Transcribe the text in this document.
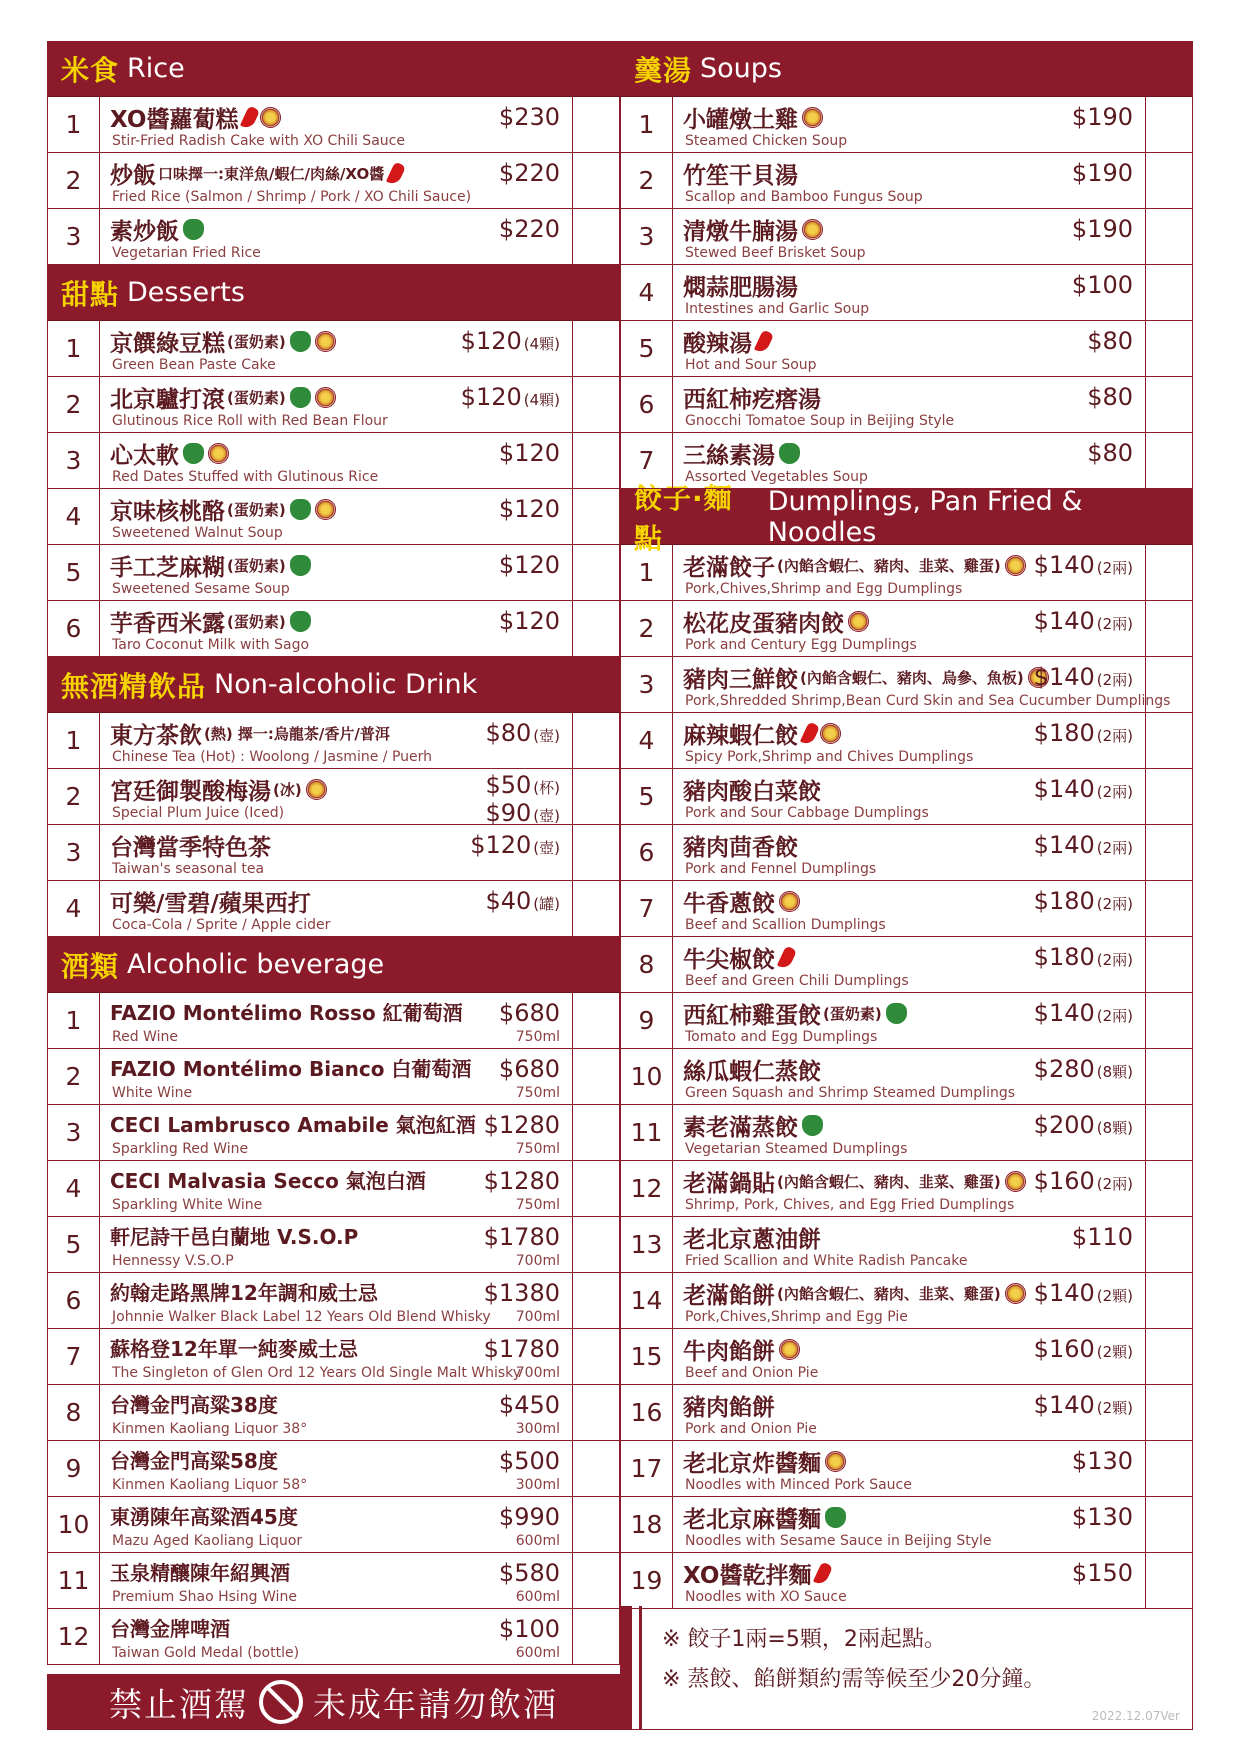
米食 Rice
1	XO醬蘿蔔糕
Stir-Fried Radish Cake with XO Chili Sauce
$230
2	炒飯 口味擇一:東洋魚/蝦仁/肉絲/XO醬
Fried Rice (Salmon / Shrimp / Pork / XO Chili Sauce)
$220
3	素炒飯
Vegetarian Fried Rice
$220
甜點 Desserts
1	京饌綠豆糕 (蛋奶素)
Green Bean Paste Cake
$120 (4顆)
2	北京驢打滾 (蛋奶素)
Glutinous Rice Roll with Red Bean Flour
$120 (4顆)
3	心太軟
Red Dates Stuffed with Glutinous Rice
$120
4	京味核桃酪 (蛋奶素)
Sweetened Walnut Soup
$120
5	手工芝麻糊 (蛋奶素)
Sweetened Sesame Soup
$120
6	芋香西米露 (蛋奶素)
Taro Coconut Milk with Sago
$120
無酒精飲品 Non-alcoholic Drink
1	東方茶飲 (熱) 擇一:烏龍茶/香片/普洱
Chinese Tea (Hot) : Woolong / Jasmine / Puerh
$80 (壺)
2	宮廷御製酸梅湯 (冰)
Special Plum Juice (Iced)
$50 (杯)
$90 (壺)
3	台灣當季特色茶
Taiwan's seasonal tea
$120 (壺)
4	可樂/雪碧/蘋果西打
Coca-Cola / Sprite / Apple cider
$40 (罐)
酒類 Alcoholic beverage
1	FAZIO Montélimo Rosso 紅葡萄酒
Red Wine
$680
750ml
2	FAZIO Montélimo Bianco 白葡萄酒
White Wine
$680
750ml
3	CECI Lambrusco Amabile 氣泡紅酒
Sparkling Red Wine
$1280
750ml
4	CECI Malvasia Secco 氣泡白酒
Sparkling White Wine
$1280
750ml
5	軒尼詩干邑白蘭地 V.S.O.P
Hennessy V.S.O.P
$1780
700ml
6	約翰走路黑牌12年調和威士忌
Johnnie Walker Black Label 12 Years Old Blend Whisky
$1380
700ml
7	蘇格登12年單一純麥威士忌
The Singleton of Glen Ord 12 Years Old Single Malt Whisky
$1780
700ml
8	台灣金門高粱38度
Kinmen Kaoliang Liquor 38°
$450
300ml
9	台灣金門高粱58度
Kinmen Kaoliang Liquor 58°
$500
300ml
10	東湧陳年高粱酒45度
Mazu Aged Kaoliang Liquor
$990
600ml
11	玉泉精釀陳年紹興酒
Premium Shao Hsing Wine
$580
600ml
12	台灣金牌啤酒
Taiwan Gold Medal (bottle)
$100
600ml
羹湯 Soups
1	小罐燉土雞
Steamed Chicken Soup
$190
2	竹笙干貝湯
Scallop and Bamboo Fungus Soup
$190
3	清燉牛腩湯
Stewed Beef Brisket Soup
$190
4	燜蒜肥腸湯
Intestines and Garlic Soup
$100
5	酸辣湯
Hot and Sour Soup
$80
6	西紅柿疙瘩湯
Gnocchi Tomatoe Soup in Beijing Style
$80
7	三絲素湯
Assorted Vegetables Soup
$80
餃子·麵點
Dumplings, Pan Fried & Noodles
1	老滿餃子 (內餡含蝦仁、豬肉、韭菜、雞蛋)
Pork,Chives,Shrimp and Egg Dumplings
$140 (2兩)
2	松花皮蛋豬肉餃
Pork and Century Egg Dumplings
$140 (2兩)
3	豬肉三鮮餃 (內餡含蝦仁、豬肉、烏參、魚板)
Pork,Shredded Shrimp,Bean Curd Skin and Sea Cucumber Dumplings
$140 (2兩)
4	麻辣蝦仁餃
Spicy Pork,Shrimp and Chives Dumplings
$180 (2兩)
5	豬肉酸白菜餃
Pork and Sour Cabbage Dumplings
$140 (2兩)
6	豬肉茴香餃
Pork and Fennel Dumplings
$140 (2兩)
7	牛香蔥餃
Beef and Scallion Dumplings
$180 (2兩)
8	牛尖椒餃
Beef and Green Chili Dumplings
$180 (2兩)
9	西紅柿雞蛋餃 (蛋奶素)
Tomato and Egg Dumplings
$140 (2兩)
10 絲瓜蝦仁蒸餃
Green Squash and Shrimp Steamed Dumplings
$280 (8顆)
11 素老滿蒸餃
Vegetarian Steamed Dumplings
$200 (8顆)
12 老滿鍋貼 (內餡含蝦仁、豬肉、韭菜、雞蛋)
Shrimp, Pork, Chives, and Egg Fried Dumplings
$160 (2兩)
13 老北京蔥油餅
Fried Scallion and White Radish Pancake
$110
14 老滿餡餅 (內餡含蝦仁、豬肉、韭菜、雞蛋)
Pork,Chives,Shrimp and Egg Pie
$140 (2顆)
15 牛肉餡餅
Beef and Onion Pie
$160 (2顆)
16 豬肉餡餅
Pork and Onion Pie
$140 (2顆)
17 老北京炸醬麵
Noodles with Minced Pork Sauce
$130
18 老北京麻醬麵
Noodles with Sesame Sauce in Beijing Style
$130
19 XO醬乾拌麵
Noodles with XO Sauce
$150
禁止酒駕 未成年請勿飲酒
※ 餃子1兩=5顆，2兩起點。
※ 蒸餃、餡餅類約需等候至少20分鐘。
2022.12.07Ver
